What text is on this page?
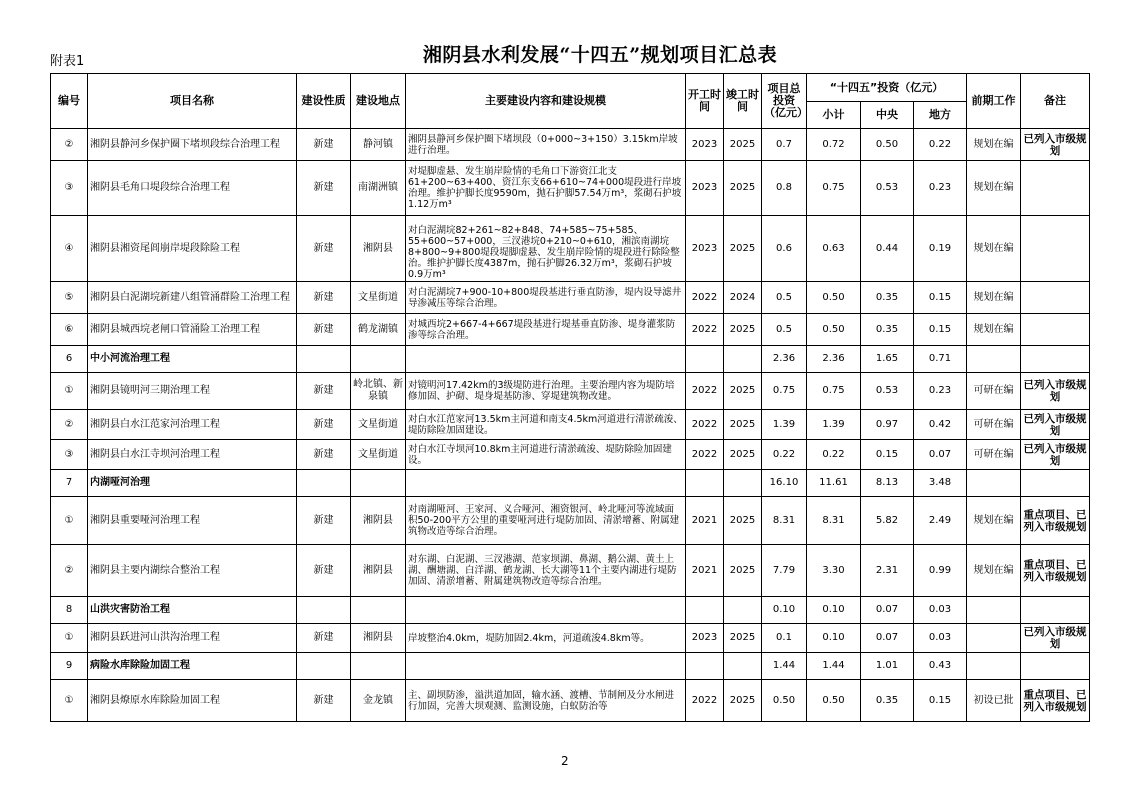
附表1	湘阴县水利发展“十四五”规划项目汇总表
编号	项目名称	建设性质	建设地点	主要建设内容和建设规模	开工时间	竣工时间	项目总投资（亿元）	“十四五”投资（亿元）			前期工作	备注
								小计	中央	地方		
②	湘阴县静河乡保护圈下堵坝段综合治理工程	新建	静河镇	湘阴县静河乡保护圈下堵坝段（0+000~3+150）3.15km岸坡进行治理。	2023	2025	0.7	0.72	0.50	0.22	规划在编	已列入市级规划
③	湘阴县毛角口堤段综合治理工程	新建	南湖洲镇	对堤脚虚悬、发生崩岸险情的毛角口下游资江北支61+200~63+400、资江东支66+610~74+000堤段进行岸坡治理。维护护脚长度9590m，抛石护脚57.54万m³，浆砌石护坡1.12万m³	2023	2025	0.8	0.75	0.53	0.23	规划在编	
④	湘阴县湘资尾闾崩岸堤段除险工程	新建	湘阴县	对白泥湖垸82+261~82+848、74+585~75+585、55+600~57+000，三汊港垸0+210~0+610，湘滨南湖垸8+800~9+800堤段堤脚虚悬、发生崩岸险情的堤段进行除险整治。维护护脚长度4387m，抛石护脚26.32万m³，浆砌石护坡0.9万m³	2023	2025	0.6	0.63	0.44	0.19	规划在编	
⑤	湘阴县白泥湖垸新建八组管涌群险工治理工程	新建	文星街道	对白泥湖垸7+900-10+800堤段基进行垂直防渗，堤内设导滤井导渗减压等综合治理。	2022	2024	0.5	0.50	0.35	0.15	规划在编	
⑥	湘阴县城西垸老闸口管涌险工治理工程	新建	鹤龙湖镇	对城西垸2+667-4+667堤段基进行堤基垂直防渗、堤身灌浆防渗等综合治理。	2022	2025	0.5	0.50	0.35	0.15	规划在编	
6	中小河流治理工程						2.36	2.36	1.65	0.71		
①	湘阴县镜明河三期治理工程	新建	岭北镇、新泉镇	对镜明河17.42km的3级堤防进行治理。主要治理内容为堤防培修加固、护砌、堤身堤基防渗、穿堤建筑物改建。	2022	2025	0.75	0.75	0.53	0.23	可研在编	已列入市级规划
②	湘阴县白水江范家河治理工程	新建	文星街道	对白水江范家河13.5km主河道和南支4.5km河道进行清淤疏浚、堤防除险加固建设。	2022	2025	1.39	1.39	0.97	0.42	可研在编	已列入市级规划
③	湘阴县白水江寺坝河治理工程	新建	文星街道	对白水江寺坝河10.8km主河道进行清淤疏浚、堤防除险加固建设。	2022	2025	0.22	0.22	0.15	0.07	可研在编	已列入市级规划
7	内湖哑河治理						16.10	11.61	8.13	3.48		
①	湘阴县重要哑河治理工程	新建	湘阴县	对南湖哑河、王家河、义合哑河、湘资银河、岭北哑河等流域面积50-200平方公里的重要哑河进行堤防加固、清淤增蓄、附属建筑物改造等综合治理。	2021	2025	8.31	8.31	5.82	2.49	规划在编	重点项目、已列入市级规划
②	湘阴县主要内湖综合整治工程	新建	湘阴县	对东湖、白泥湖、三汊港湖、范家坝湖、鼻湖、鹅公湖、黄土上湖、酬塘湖、白洋湖、鹤龙湖、长大湖等11个主要内湖进行堤防加固、清淤增蓄、附属建筑物改造等综合治理。	2021	2025	7.79	3.30	2.31	0.99	规划在编	重点项目、已列入市级规划
8	山洪灾害防治工程						0.10	0.10	0.07	0.03		
①	湘阴县跃进河山洪沟治理工程	新建	湘阴县	岸坡整治4.0km，堤防加固2.4km，河道疏浚4.8km等。	2023	2025	0.1	0.10	0.07	0.03		已列入市级规划
9	病险水库除险加固工程						1.44	1.44	1.01	0.43		
①	湘阴县燎原水库除险加固工程	新建	金龙镇	主、副坝防渗，溢洪道加固，输水涵、渡槽、节制闸及分水闸进行加固，完善大坝观测、监测设施，白蚁防治等	2022	2025	0.50	0.50	0.35	0.15	初设已批	重点项目、已列入市级规划
2
